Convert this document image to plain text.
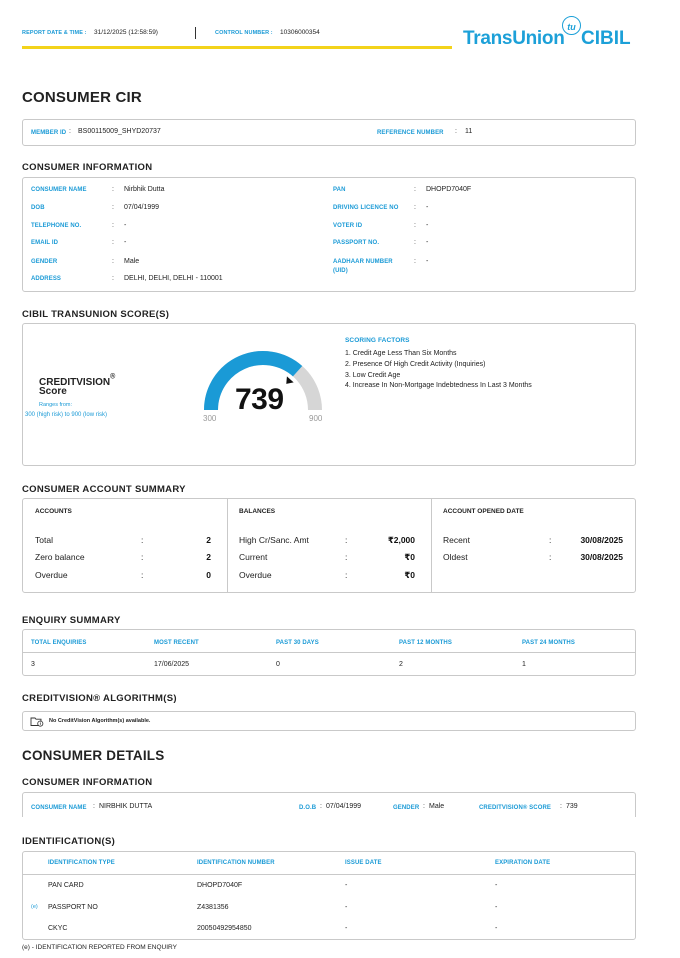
REPORT DATE & TIME : 31/12/2025 (12:58:59)	CONTROL NUMBER : 10306000354	TransUnion
tu
CIBIL
CONSUMER CIR
MEMBER ID : BS00115009_SHYD20737	REFERENCE NUMBER : 11
CONSUMER INFORMATION
CONSUMER NAME	: Nirbhik Dutta
DOB	: 07/04/1999
TELEPHONE NO.	: -
EMAIL ID	: -
GENDER	: Male
ADDRESS	: DELHI, DELHI, DELHI - 110001
PAN	: DHOPD7040F
DRIVING LICENCE NO : -
VOTER ID	: -
PASSPORT NO.	: -
AADHAAR NUMBER
(UID)
: -
CIBIL TRANSUNION SCORE(S)
CREDITVISION®
Score
Ranges from:
300 (high risk) to 900 (low risk)	739
300	900
SCORING FACTORS
1. Credit Age Less Than Six Months
2. Presence Of High Credit Activity (Inquiries)
3. Low Credit Age
4. Increase In Non-Mortgage Indebtedness In Last 3 Months
CONSUMER ACCOUNT SUMMARY
ACCOUNTS
Total	:	2
Zero balance	:	2
Overdue	:	0
BALANCES
High Cr/Sanc. Amt	:	₹2,000
Current	:	₹0
Overdue	:	₹0
ACCOUNT OPENED DATE
Recent	:	30/08/2025
Oldest	:	30/08/2025
ENQUIRY SUMMARY
TOTAL ENQUIRIES	MOST RECENT	PAST 30 DAYS	PAST 12 MONTHS	PAST 24 MONTHS
3	17/06/2025	0	2	1
CREDITVISION® ALGORITHM(S)
No CreditVision Algorithm(s) available.
CONSUMER DETAILS
CONSUMER INFORMATION
CONSUMER NAME : NIRBHIK DUTTA	D.O.B : 07/04/1999	GENDER : Male	CREDITVISION® SCORE : 739
IDENTIFICATION(S)
IDENTIFICATION TYPE	IDENTIFICATION NUMBER	ISSUE DATE	EXPIRATION DATE
PAN CARD	DHOPD7040F	-	-
(e) PASSPORT NO	Z4381356	-	-
CKYC	20050492954850	-	-
(e) - IDENTIFICATION REPORTED FROM ENQUIRY
